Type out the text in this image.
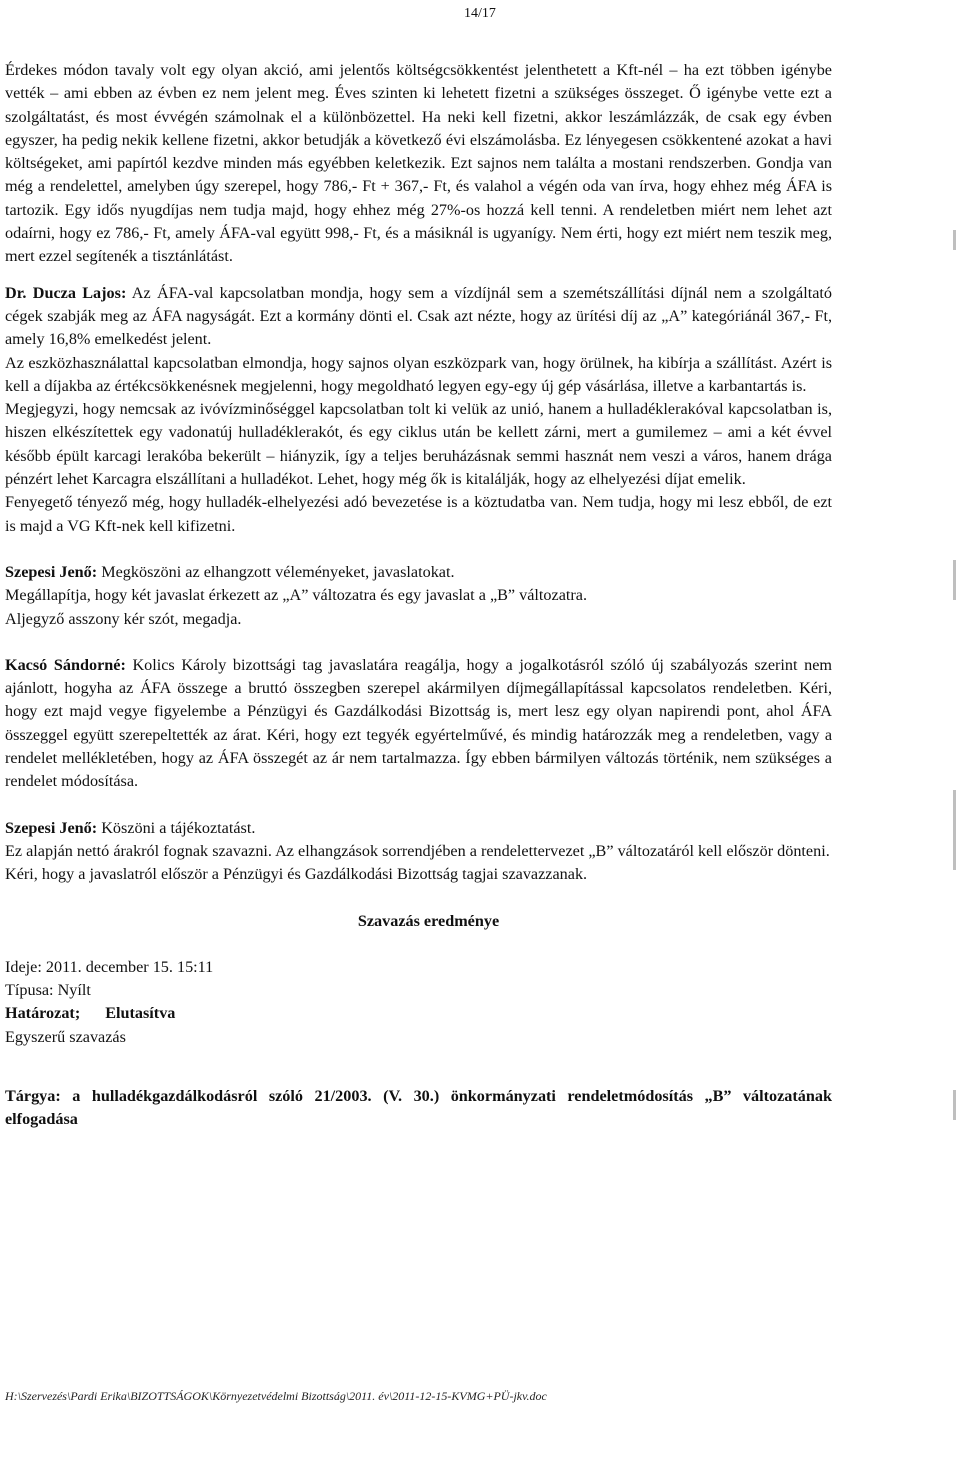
14/17

Érdekes módon tavaly volt egy olyan akció, ami jelentős költségcsökkentést jelenthetett a Kft-nél – ha ezt többen igénybe vették – ami ebben az évben ez nem jelent meg. Éves szinten ki lehetett fizetni a szükséges összeget. Ő igénybe vette ezt a szolgáltatást, és most évvégén számolnak el a különbözettel. Ha neki kell fizetni, akkor leszámlázzák, de csak egy évben egyszer, ha pedig nekik kellene fizetni, akkor betudják a következő évi elszámolásba. Ez lényegesen csökkentené azokat a havi költségeket, ami papírtól kezdve minden más egyébben keletkezik. Ezt sajnos nem találta a mostani rendszerben. Gondja van még a rendelettel, amelyben úgy szerepel, hogy 786,- Ft + 367,- Ft, és valahol a végén oda van írva, hogy ehhez még ÁFA is tartozik. Egy idős nyugdíjas nem tudja majd, hogy ehhez még 27%-os hozzá kell tenni. A rendeletben miért nem lehet azt odaírni, hogy ez 786,- Ft, amely ÁFA-val együtt 998,- Ft, és a másiknál is ugyanígy. Nem érti, hogy ezt miért nem teszik meg, mert ezzel segítenék a tisztánlátást.

Dr. Ducza Lajos: Az ÁFA-val kapcsolatban mondja, hogy sem a vízdíjnál sem a szemétszállítási díjnál nem a szolgáltató cégek szabják meg az ÁFA nagyságát. Ezt a kormány dönti el. Csak azt nézte, hogy az ürítési díj az „A” kategóriánál 367,- Ft, amely 16,8% emelkedést jelent.

Az eszközhasználattal kapcsolatban elmondja, hogy sajnos olyan eszközpark van, hogy örülnek, ha kibírja a szállítást. Azért is kell a díjakba az értékcsökkenésnek megjelenni, hogy megoldható legyen egy-egy új gép vásárlása, illetve a karbantartás is.

Megjegyzi, hogy nemcsak az ivóvízminőséggel kapcsolatban tolt ki velük az unió, hanem a hulladéklerakóval kapcsolatban is, hiszen elkészítettek egy vadonatúj hulladéklerakót, és egy ciklus után be kellett zárni, mert a gumilemez – ami a két évvel később épült karcagi lerakóba bekerült – hiányzik, így a teljes beruházásnak semmi hasznát nem veszi a város, hanem drága pénzért lehet Karcagra elszállítani a hulladékot. Lehet, hogy még ők is kitalálják, hogy az elhelyezési díjat emelik.

Fenyegető tényező még, hogy hulladék-elhelyezési adó bevezetése is a köztudatba van. Nem tudja, hogy mi lesz ebből, de ezt is majd a VG Kft-nek kell kifizetni.

Szepesi Jenő: Megköszöni az elhangzott véleményeket, javaslatokat.

Megállapítja, hogy két javaslat érkezett az „A” változatra és egy javaslat a „B” változatra.

Aljegyző asszony kér szót, megadja.

Kacsó Sándorné: Kolics Károly bizottsági tag javaslatára reagálja, hogy a jogalkotásról szóló új szabályozás szerint nem ajánlott, hogyha az ÁFA összege a bruttó összegben szerepel akármilyen díjmegállapítással kapcsolatos rendeletben. Kéri, hogy ezt majd vegye figyelembe a Pénzügyi és Gazdálkodási Bizottság is, mert lesz egy olyan napirendi pont, ahol ÁFA összeggel együtt szerepeltették az árat. Kéri, hogy ezt tegyék egyértelművé, és mindig határozzák meg a rendeletben, vagy a rendelet mellékletében, hogy az ÁFA összegét az ár nem tartalmazza. Így ebben bármilyen változás történik, nem szükséges a rendelet módosítása.

Szepesi Jenő: Köszöni a tájékoztatást.

Ez alapján nettó árakról fognak szavazni. Az elhangzások sorrendjében a rendelettervezet „B” változatáról kell először dönteni.

Kéri, hogy a javaslatról először a Pénzügyi és Gazdálkodási Bizottság tagjai szavazzanak.

Szavazás eredménye

Ideje: 2011. december 15. 15:11

Típusa: Nyílt

Határozat; Elutasítva

Egyszerű szavazás

Tárgya: a hulladékgazdálkodásról szóló 21/2003. (V. 30.) önkormányzati rendeletmódosítás „B” változatának elfogadása

H:\Szervezés\Pardi Erika\BIZOTTSÁGOK\Környezetvédelmi Bizottság\2011. év\2011-12-15-KVMG+PÜ-jkv.doc
